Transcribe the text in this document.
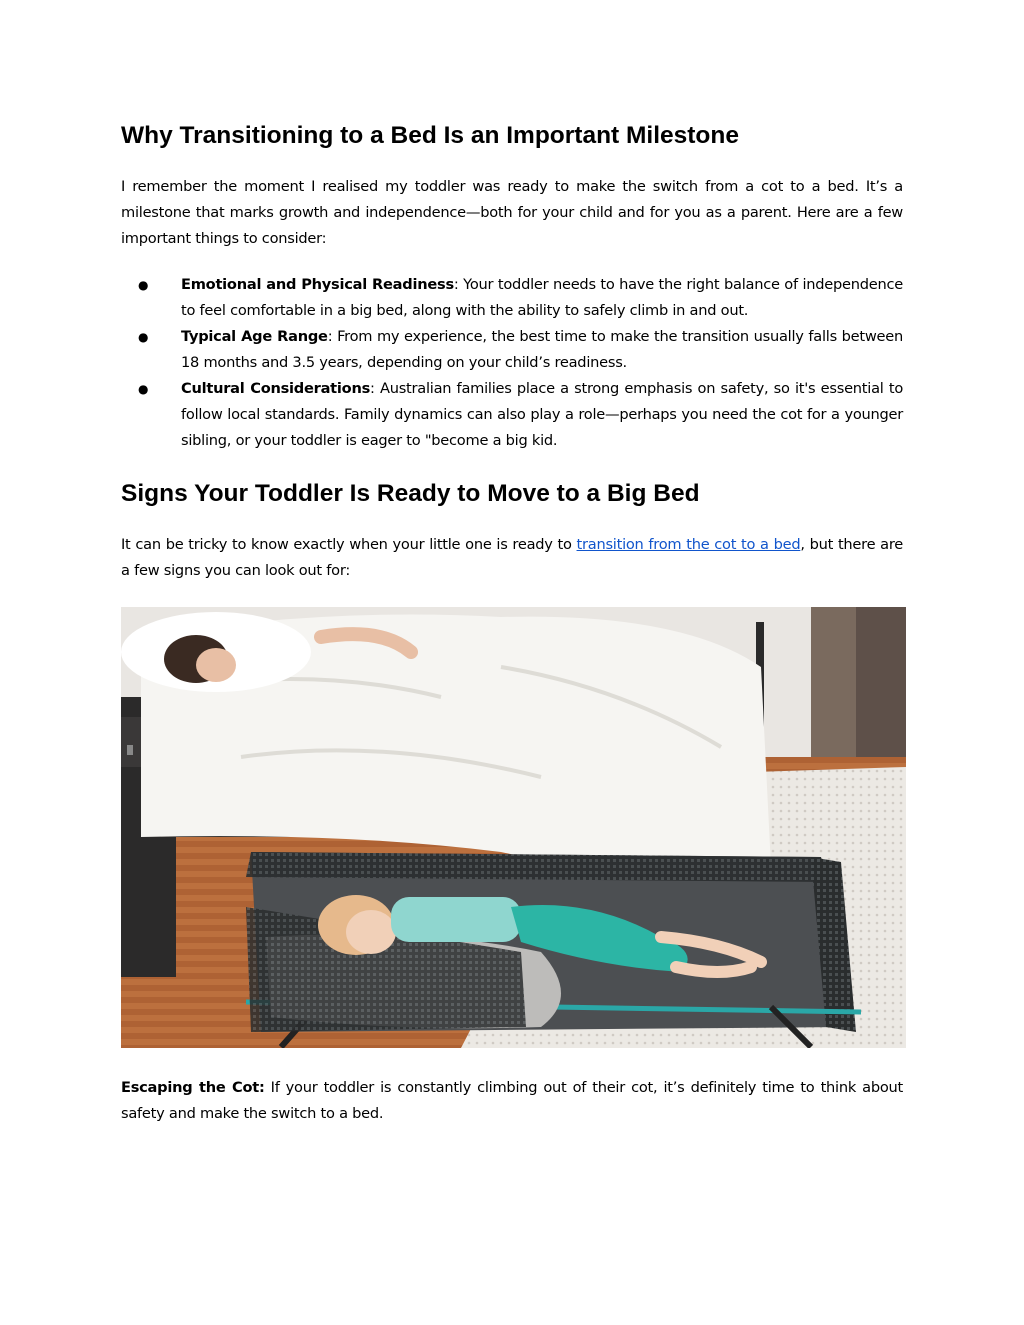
Why Transitioning to a Bed Is an Important Milestone

I remember the moment I realised my toddler was ready to make the switch from a cot to a bed. It’s a milestone that marks growth and independence—both for your child and for you as a parent. Here are a few important things to consider:

● Emotional and Physical Readiness: Your toddler needs to have the right balance of independence to feel comfortable in a big bed, along with the ability to safely climb in and out.
● Typical Age Range: From my experience, the best time to make the transition usually falls between 18 months and 3.5 years, depending on your child’s readiness.
● Cultural Considerations: Australian families place a strong emphasis on safety, so it's essential to follow local standards. Family dynamics can also play a role—perhaps you need the cot for a younger sibling, or your toddler is eager to "become a big kid.
Signs Your Toddler Is Ready to Move to a Big Bed

It can be tricky to know exactly when your little one is ready to transition from the cot to a bed, but there are a few signs you can look out for:

Escaping the Cot: If your toddler is constantly climbing out of their cot, it’s definitely time to think about safety and make the switch to a bed.
